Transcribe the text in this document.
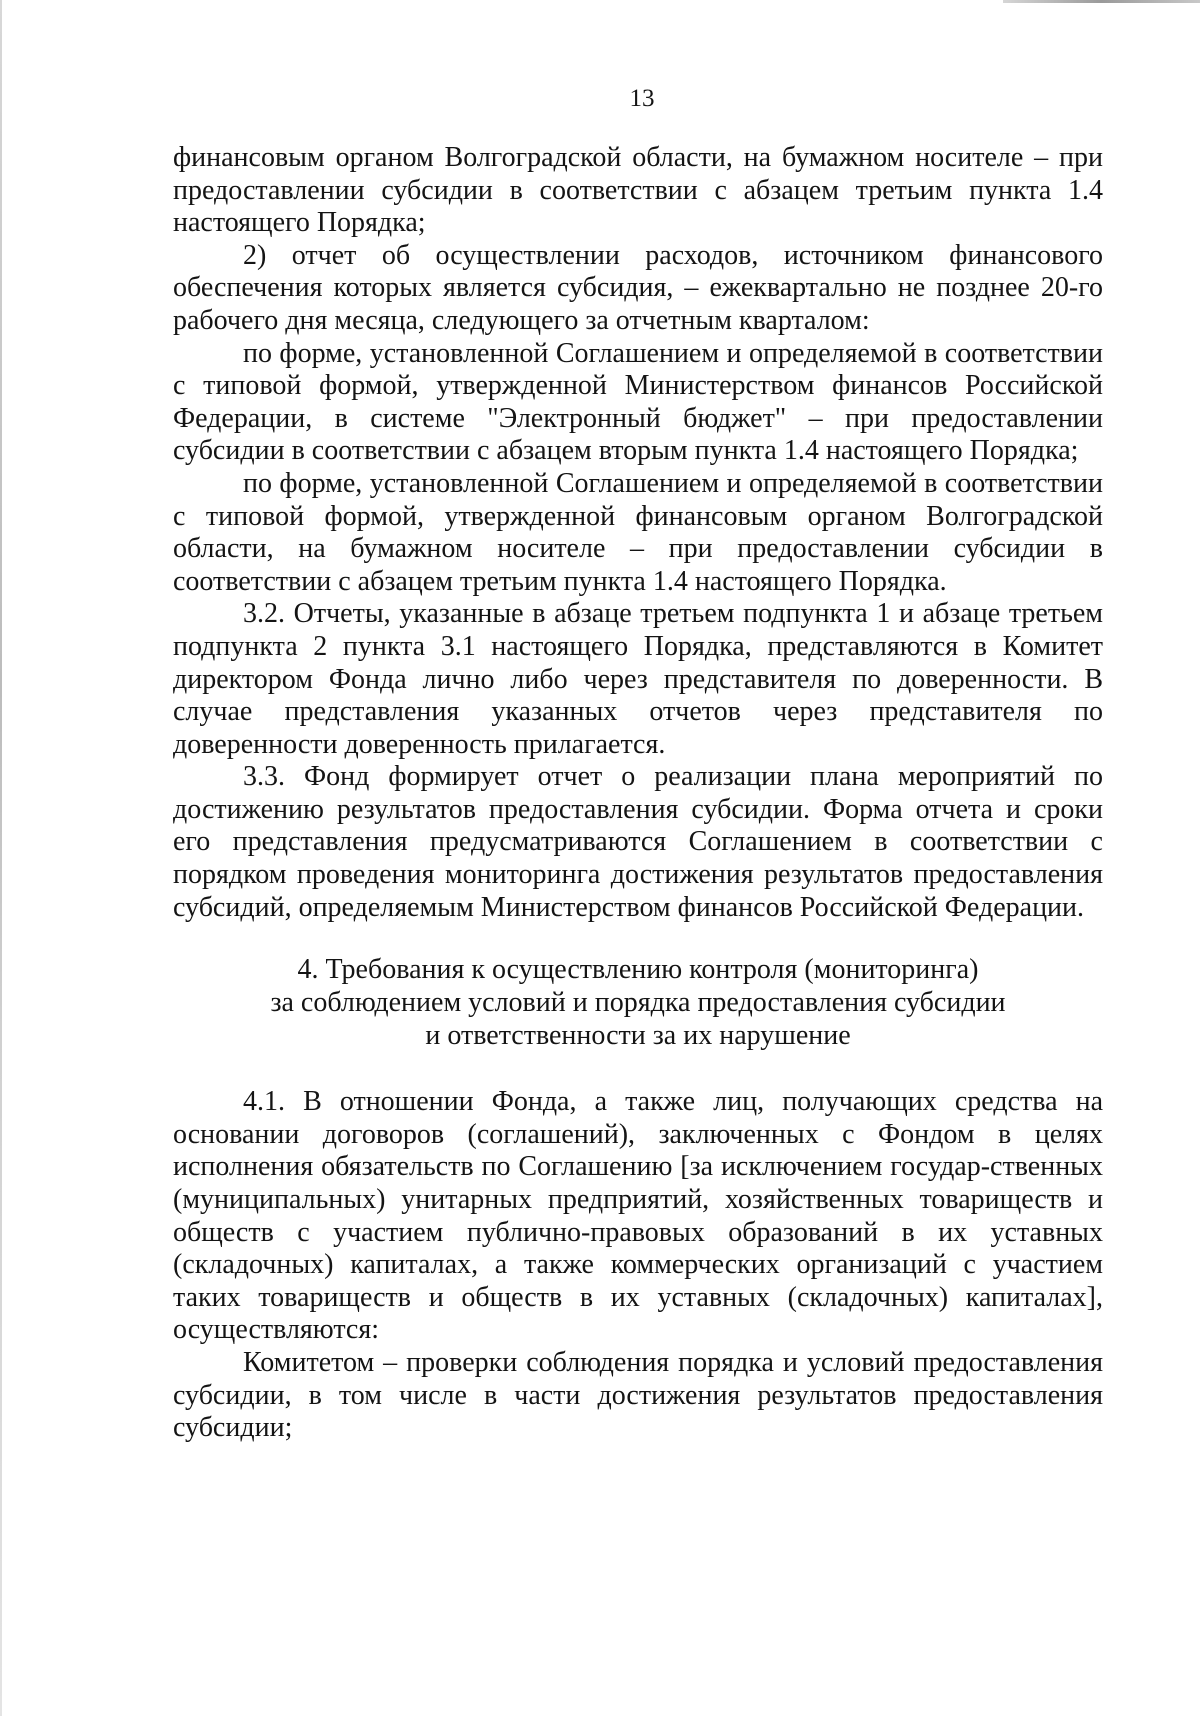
13

финансовым органом Волгоградской области, на бумажном носителе – при предоставлении субсидии в соответствии с абзацем третьим пункта 1.4 настоящего Порядка;

2) отчет об осуществлении расходов, источником финансового обеспечения которых является субсидия, – ежеквартально не позднее 20-го рабочего дня месяца, следующего за отчетным кварталом:

по форме, установленной Соглашением и определяемой в соответствии с типовой формой, утвержденной Министерством финансов Российской Федерации, в системе "Электронный бюджет" – при предоставлении субсидии в соответствии с абзацем вторым пункта 1.4 настоящего Порядка;

по форме, установленной Соглашением и определяемой в соответствии с типовой формой, утвержденной финансовым органом Волгоградской области, на бумажном носителе – при предоставлении субсидии в соответствии с абзацем третьим пункта 1.4 настоящего Порядка.

3.2. Отчеты, указанные в абзаце третьем подпункта 1 и абзаце третьем подпункта 2 пункта 3.1 настоящего Порядка, представляются в Комитет директором Фонда лично либо через представителя по доверенности. В случае представления указанных отчетов через представителя по доверенности доверенность прилагается.

3.3. Фонд формирует отчет о реализации плана мероприятий по достижению результатов предоставления субсидии. Форма отчета и сроки его представления предусматриваются Соглашением в соответствии с порядком проведения мониторинга достижения результатов предоставления субсидий, определяемым Министерством финансов Российской Федерации.

4. Требования к осуществлению контроля (мониторинга)
за соблюдением условий и порядка предоставления субсидии
и ответственности за их нарушение

4.1. В отношении Фонда, а также лиц, получающих средства на основании договоров (соглашений), заключенных с Фондом в целях исполнения обязательств по Соглашению [за исключением государ-ственных (муниципальных) унитарных предприятий, хозяйственных товариществ и обществ с участием публично-правовых образований в их уставных (складочных) капиталах, а также коммерческих организаций с участием таких товариществ и обществ в их уставных (складочных) капиталах], осуществляются:

Комитетом – проверки соблюдения порядка и условий предоставления субсидии, в том числе в части достижения результатов предоставления субсидии;
